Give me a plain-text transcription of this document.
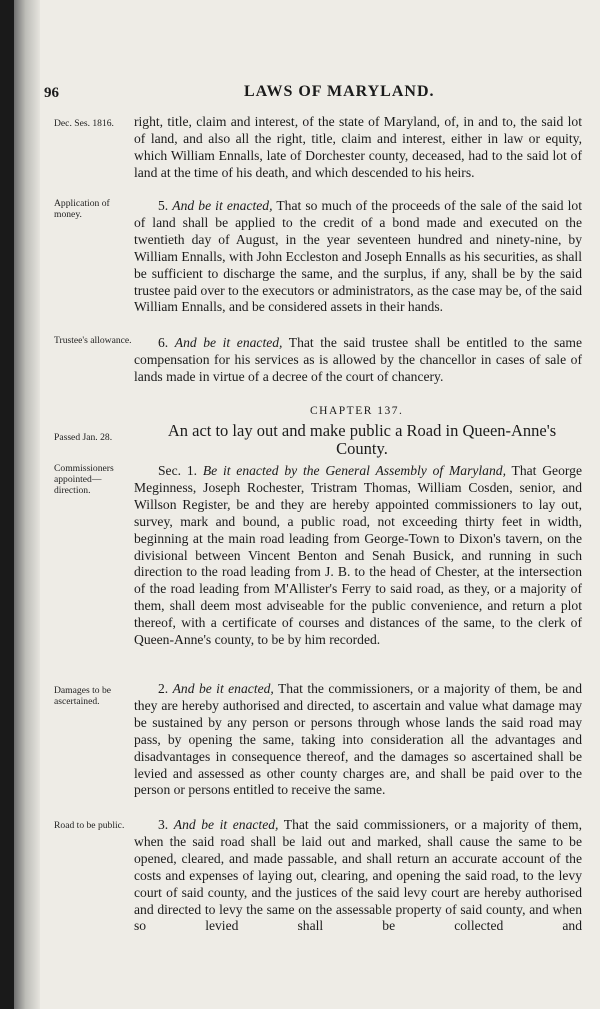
96	LAWS OF MARYLAND.
Dec. Ses. 1816.
Application of money.
Trustee's allowance.
Passed Jan. 28.
Commissioners appointed—direction.
Damages to be ascertained.
Road to be public.

right, title, claim and interest, of the state of Maryland, of, in and to, the said lot of land, and also all the right, title, claim and interest, either in law or equity, which William Ennalls, late of Dorchester county, deceased, had to the said lot of land at the time of his death, and which descended to his heirs.

5. And be it enacted, That so much of the proceeds of the sale of the said lot of land shall be applied to the credit of a bond made and executed on the twentieth day of August, in the year seventeen hundred and ninety-nine, by William Ennalls, with John Eccleston and Joseph Ennalls as his securities, as shall be sufficient to discharge the same, and the surplus, if any, shall be by the said trustee paid over to the executors or administrators, as the case may be, of the said William Ennalls, and be considered assets in their hands.

6. And be it enacted, That the said trustee shall be entitled to the same compensation for his services as is allowed by the chancellor in cases of sale of lands made in virtue of a decree of the court of chancery.

CHAPTER 137.
An act to lay out and make public a Road in Queen-Anne's County.

Sec. 1. Be it enacted by the General Assembly of Maryland, That George Meginness, Joseph Rochester, Tristram Thomas, William Cosden, senior, and Willson Register, be and they are hereby appointed commissioners to lay out, survey, mark and bound, a public road, not exceeding thirty feet in width, beginning at the main road leading from George-Town to Dixon's tavern, on the divisional between Vincent Benton and Senah Busick, and running in such direction to the road leading from J. B. to the head of Chester, at the intersection of the road leading from M'Allister's Ferry to said road, as they, or a majority of them, shall deem most adviseable for the public convenience, and return a plot thereof, with a certificate of courses and distances of the same, to the clerk of Queen-Anne's county, to be by him recorded.

2. And be it enacted, That the commissioners, or a majority of them, be and they are hereby authorised and directed, to ascertain and value what damage may be sustained by any person or persons through whose lands the said road may pass, by opening the same, taking into consideration all the advantages and disadvantages in consequence thereof, and the damages so ascertained shall be levied and assessed as other county charges are, and shall be paid over to the person or persons entitled to receive the same.

3. And be it enacted, That the said commissioners, or a majority of them, when the said road shall be laid out and marked, shall cause the same to be opened, cleared, and made passable, and shall return an accurate account of the costs and expenses of laying out, clearing, and opening the said road, to the levy court of said county, and the justices of the said levy court are hereby authorised and directed to levy the same on the assessable property of said county, and when so levied shall be collected and
